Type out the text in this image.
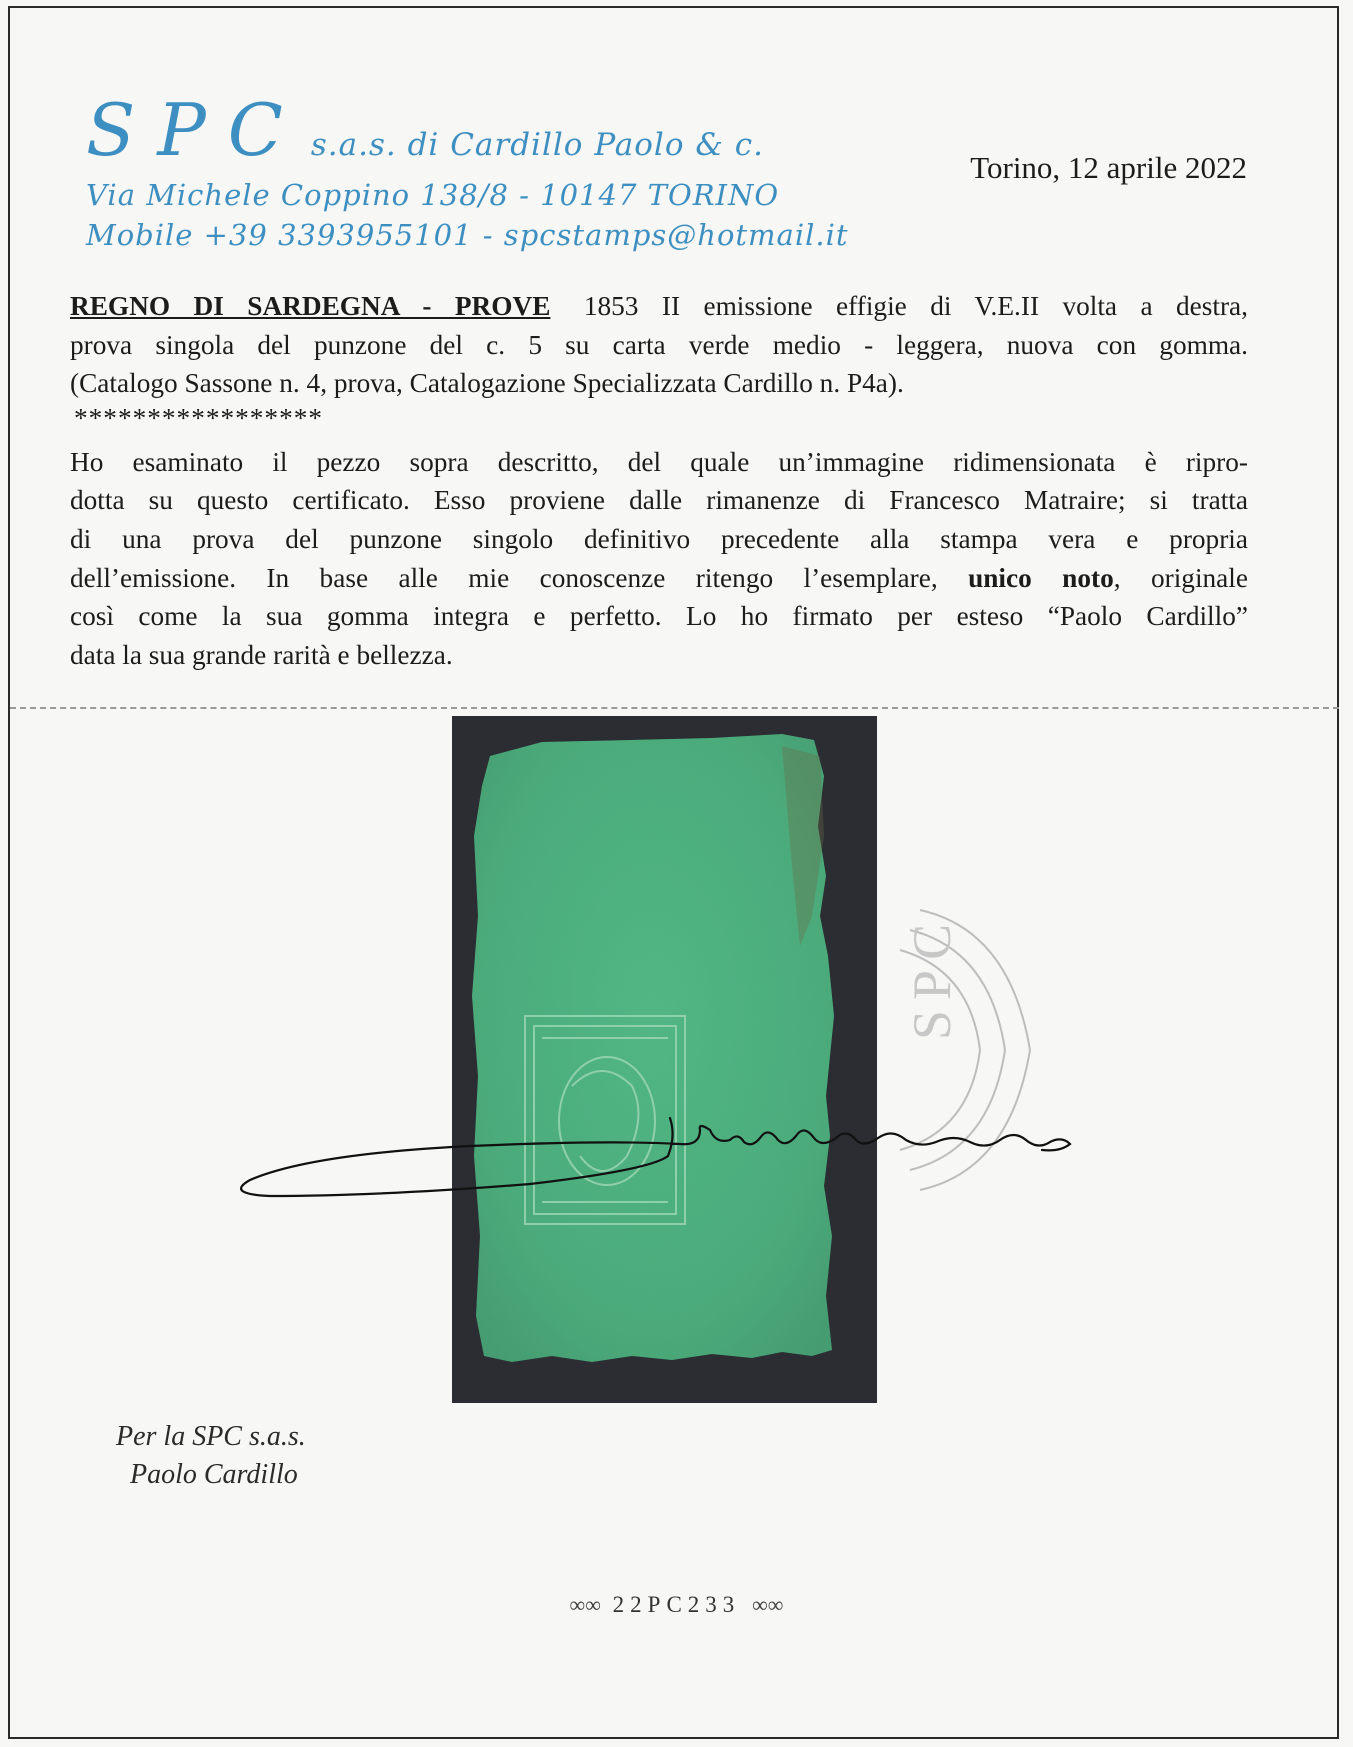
SPC s.a.s. di Cardillo Paolo & c.
Via Michele Coppino 138/8 - 10147 TORINO
Mobile +39 3393955101 - spcstamps@hotmail.it
Torino, 12 aprile 2022
REGNO DI SARDEGNA - PROVE 1853 II emissione effigie di V.E.II volta a destra,
prova singola del punzone del c. 5 su carta verde medio - leggera, nuova con gomma.
(Catalogo Sassone n. 4, prova, Catalogazione Specializzata Cardillo n. P4a).
*****************
Ho esaminato il pezzo sopra descritto, del quale un’immagine ridimensionata è ripro-
dotta su questo certificato. Esso proviene dalle rimanenze di Francesco Matraire; si tratta
di una prova del punzone singolo definitivo precedente alla stampa vera e propria
dell’emissione. In base alle mie conoscenze ritengo l’esemplare, unico noto, originale
così come la sua gomma integra e perfetto. Lo ho firmato per esteso “Paolo Cardillo”
data la sua grande rarità e bellezza.
SPC
Per la SPC s.a.s.
Paolo Cardillo
∞∞ 22PC233 ∞∞
